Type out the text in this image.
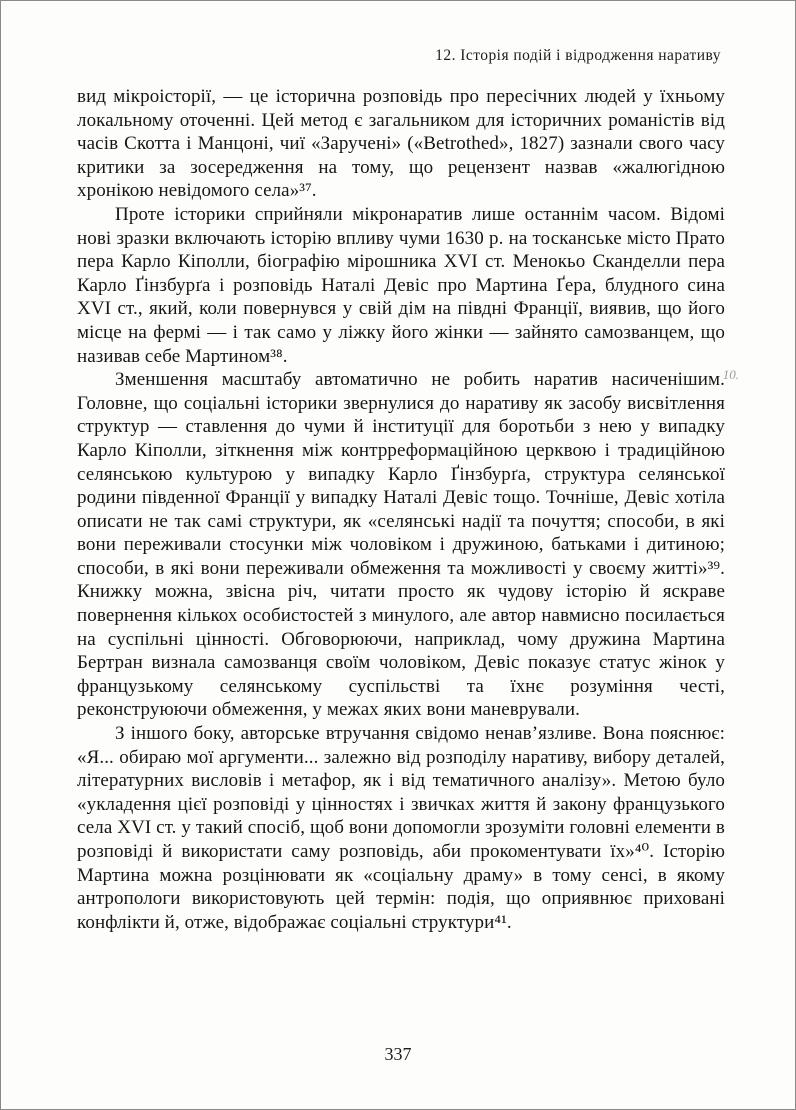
12. Історія подій і відродження наративу

вид мікроісторії, — це історична розповідь про пересічних людей у їхньому локальному оточенні. Цей метод є загальником для історичних романістів від часів Скотта і Манцоні, чиї «Заручені» («Betrothed», 1827) зазнали свого часу критики за зосередження на тому, що рецензент назвав «жалюгідною хронікою невідомого села»³⁷.

Проте історики сприйняли мікронаратив лише останнім часом. Відомі нові зразки включають історію впливу чуми 1630 р. на тосканське місто Прато пера Карло Кіполли, біографію мірошника XVI ст. Менокьо Сканделли пера Карло Ґінзбурґа і розповідь Наталі Девіс про Мартина Ґера, блудного сина XVI ст., який, коли повернувся у свій дім на півдні Франції, виявив, що його місце на фермі — і так само у ліжку його жінки — зайнято самозванцем, що називав себе Мартином³⁸.

Зменшення масштабу автоматично не робить наратив насиченішим. Головне, що соціальні історики звернулися до наративу як засобу висвітлення структур — ставлення до чуми й інституції для боротьби з нею у випадку Карло Кіполли, зіткнення між контрреформаційною церквою і традиційною селянською культурою у випадку Карло Ґінзбурґа, структура селянської родини південної Франції у випадку Наталі Девіс тощо. Точніше, Девіс хотіла описати не так самі структури, як «селянські надії та почуття; способи, в які вони переживали стосунки між чоловіком і дружиною, батьками і дитиною; способи, в які вони переживали обмеження та можливості у своєму житті»³⁹. Книжку можна, звісна річ, читати просто як чудову історію й яскраве повернення кількох особистостей з минулого, але автор навмисно посилається на суспільні цінності. Обговорюючи, наприклад, чому дружина Мартина Бертран визнала самозванця своїм чоловіком, Девіс показує статус жінок у французькому селянському суспільстві та їхнє розуміння честі, реконструюючи обмеження, у межах яких вони маневрували.

З іншого боку, авторське втручання свідомо ненав’язливе. Вона пояснює: «Я... обираю мої аргументи... залежно від розподілу наративу, вибору деталей, літературних висловів і метафор, як і від тематичного аналізу». Метою було «укладення цієї розповіді у цінностях і звичках життя й закону французького села XVI ст. у такий спосіб, щоб вони допомогли зрозуміти головні елементи в розповіді й використати саму розповідь, аби прокоментувати їх»⁴⁰. Історію Мартина можна розцінювати як «соціальну драму» в тому сенсі, в якому антропологи використовують цей термін: подія, що оприявнює приховані конфлікти й, отже, відображає соціальні структури⁴¹.

10.
337
